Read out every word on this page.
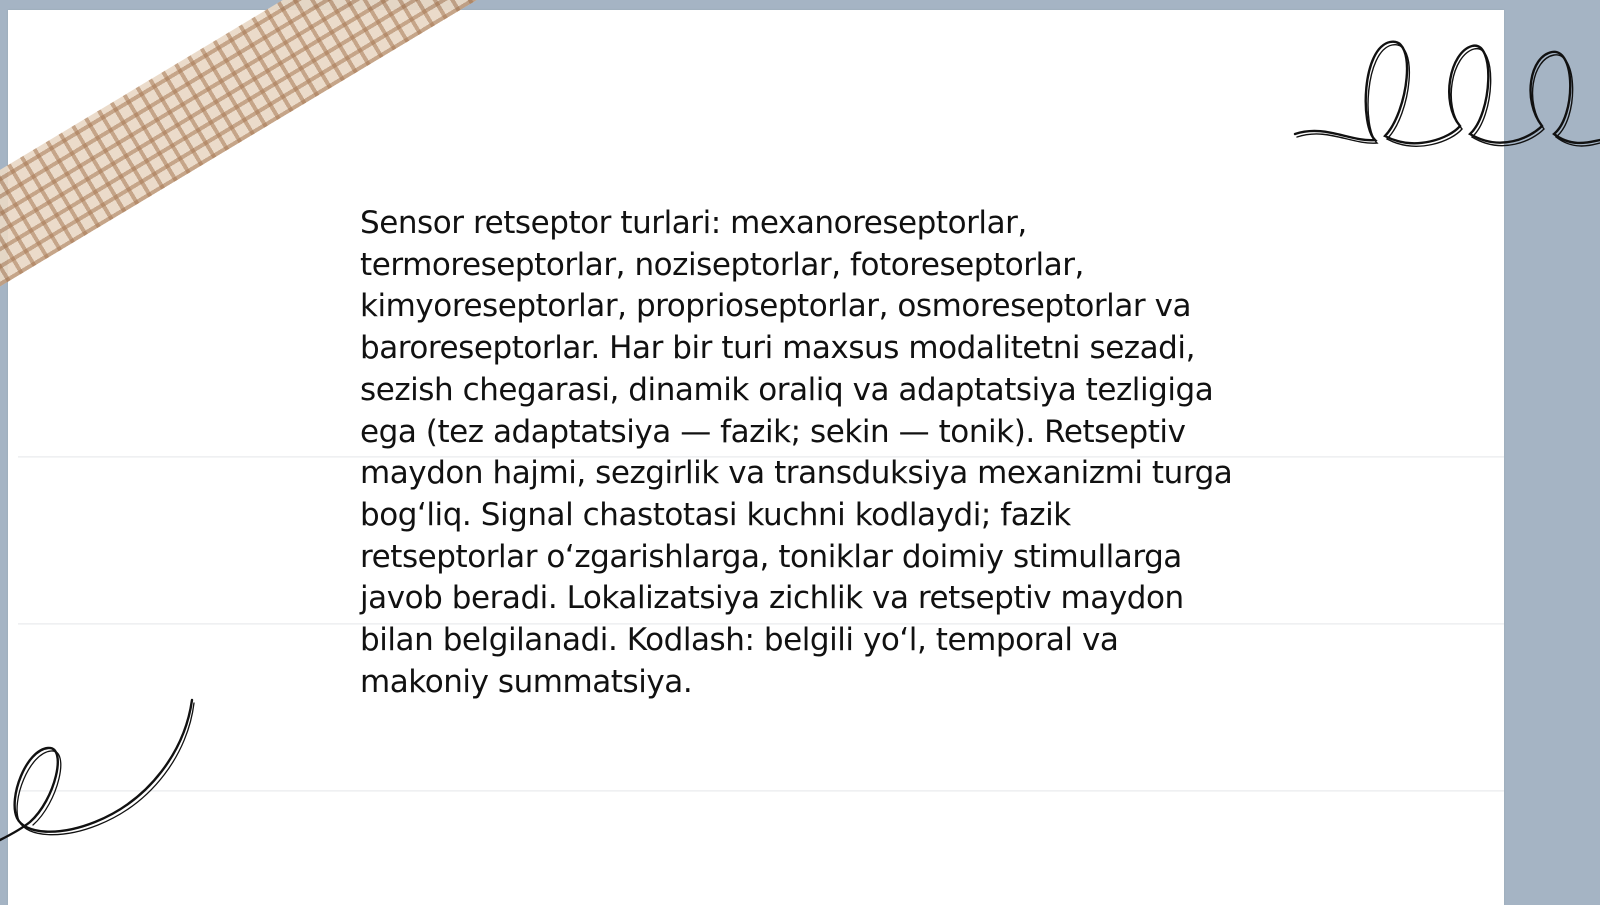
Sensor retseptor turlari: mexanoreseptorlar, termoreseptorlar, noziseptorlar, fotoreseptorlar, kimyoreseptorlar, proprioseptorlar, osmoreseptorlar va baroreseptorlar. Har bir turi maxsus modalitetni sezadi, sezish chegarasi, dinamik oraliq va adaptatsiya tezligiga ega (tez adaptatsiya — fazik; sekin — tonik). Retseptiv maydon hajmi, sezgirlik va transduksiya mexanizmi turga bog‘liq. Signal chastotasi kuchni kodlaydi; fazik retseptorlar o‘zgarishlarga, toniklar doimiy stimullarga javob beradi. Lokalizatsiya zichlik va retseptiv maydon bilan belgilanadi. Kodlash: belgili yo‘l, temporal va makoniy summatsiya.
